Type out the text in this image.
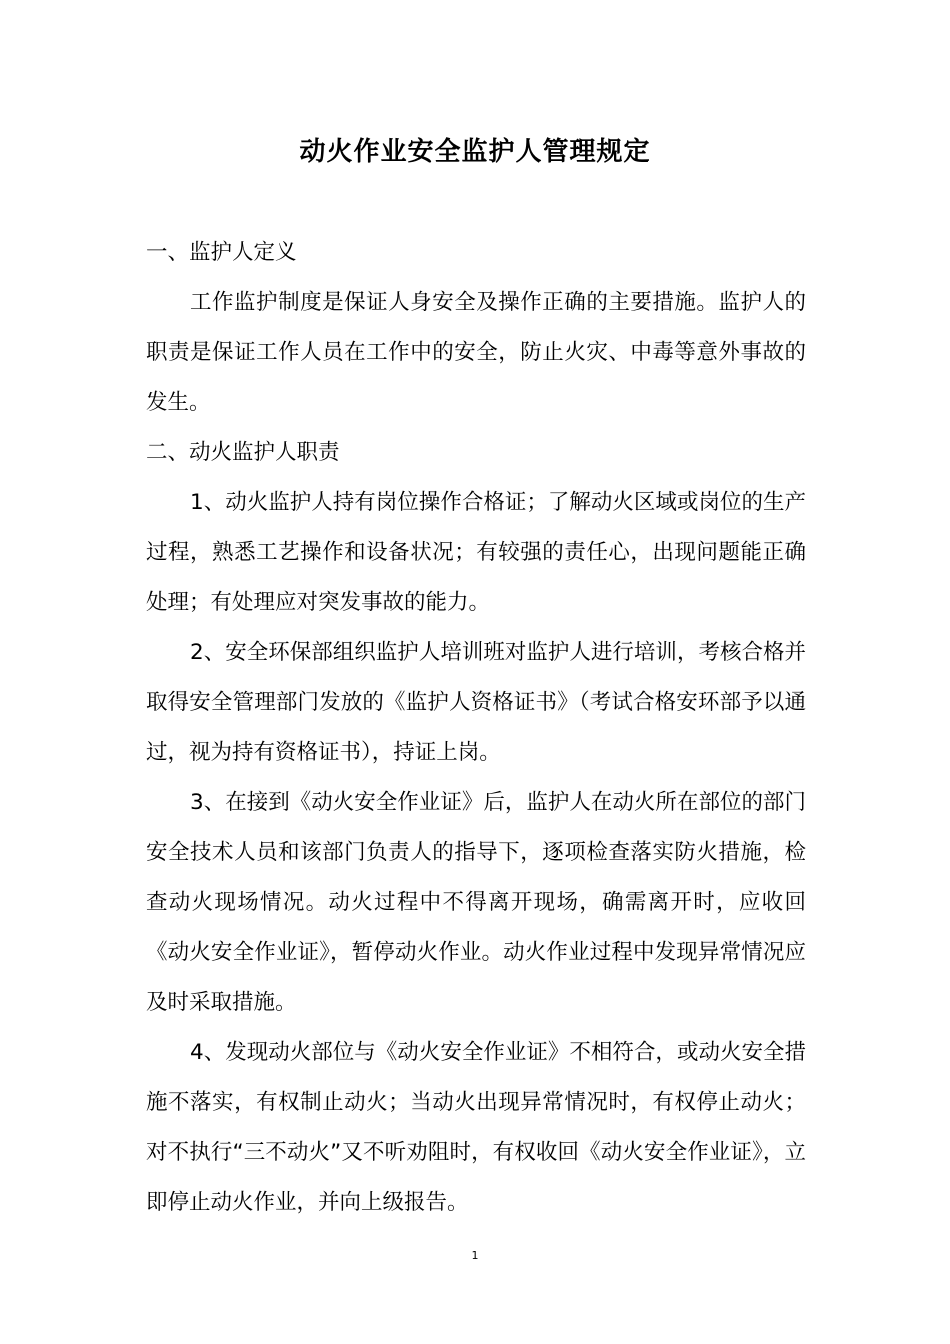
动火作业安全监护人管理规定

一、监护人定义

工作监护制度是保证人身安全及操作正确的主要措施。监护人的职责是保证工作人员在工作中的安全，防止火灾、中毒等意外事故的发生。

二、动火监护人职责

1、动火监护人持有岗位操作合格证；了解动火区域或岗位的生产过程，熟悉工艺操作和设备状况；有较强的责任心，出现问题能正确处理；有处理应对突发事故的能力。

2、安全环保部组织监护人培训班对监护人进行培训，考核合格并取得安全管理部门发放的《监护人资格证书》（考试合格安环部予以通过，视为持有资格证书），持证上岗。

3、在接到《动火安全作业证》后，监护人在动火所在部位的部门安全技术人员和该部门负责人的指导下，逐项检查落实防火措施，检查动火现场情况。动火过程中不得离开现场，确需离开时，应收回《动火安全作业证》，暂停动火作业。动火作业过程中发现异常情况应及时采取措施。

4、发现动火部位与《动火安全作业证》不相符合，或动火安全措施不落实，有权制止动火；当动火出现异常情况时，有权停止动火；对不执行“三不动火”又不听劝阻时，有权收回《动火安全作业证》，立即停止动火作业，并向上级报告。

1
